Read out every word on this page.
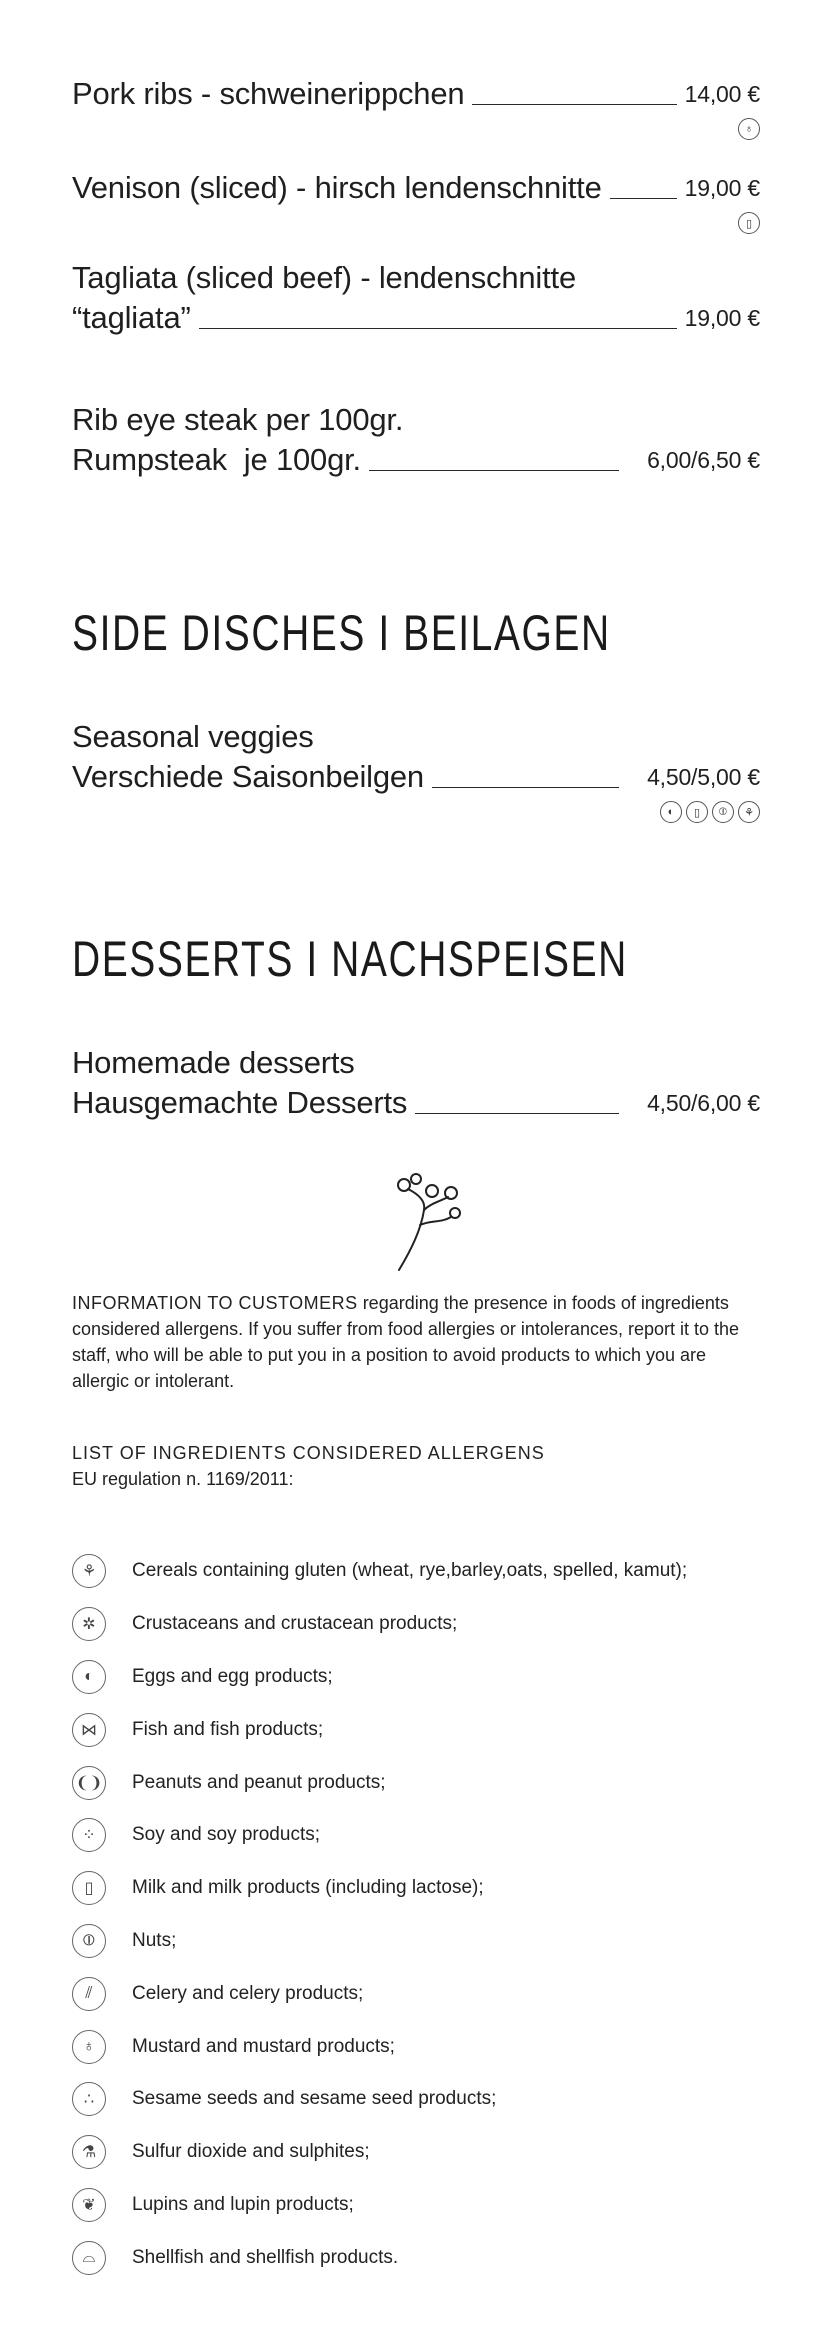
Pork ribs - schweinerippchen	14,00 €
♁
Venison (sliced) - hirsch lendenschnitte	19,00 €
▯
Tagliata (sliced beef) - lendenschnitte
“tagliata”	19,00 €
Rib eye steak per 100gr.
Rumpsteak  je 100gr.	6,00/6,50 €
SIDE DISCHES I BEILAGEN
Seasonal veggies
Verschiede Saisonbeilgen	4,50/5,00 €
◐	▯	⦶	⚘
DESSERTS I NACHSPEISEN
Homemade desserts
Hausgemachte Desserts	4,50/6,00 €

INFORMATION TO CUSTOMERS regarding the presence in foods of ingredients considered allergens. If you suffer from food allergies or intolerances, report it to the staff, who will be able to put you in a position to avoid products to which you are allergic or intolerant.

LIST OF INGREDIENTS CONSIDERED ALLERGENS
EU regulation n. 1169/2011:
⚘	Cereals containing gluten (wheat, rye,barley,oats, spelled, kamut);
✲	Crustaceans and crustacean products;
◐	Eggs and egg products;
⋈	Fish and fish products;
❨❩ Peanuts and peanut products;
⁘	Soy and soy products;
▯	Milk and milk products (including lactose);
⦶	Nuts;
⫽	Celery and celery products;
♁	Mustard and mustard products;
∴	Sesame seeds and sesame seed products;
⚗	Sulfur dioxide and sulphites;
❦	Lupins and lupin products;
⌓	Shellfish and shellfish products.
